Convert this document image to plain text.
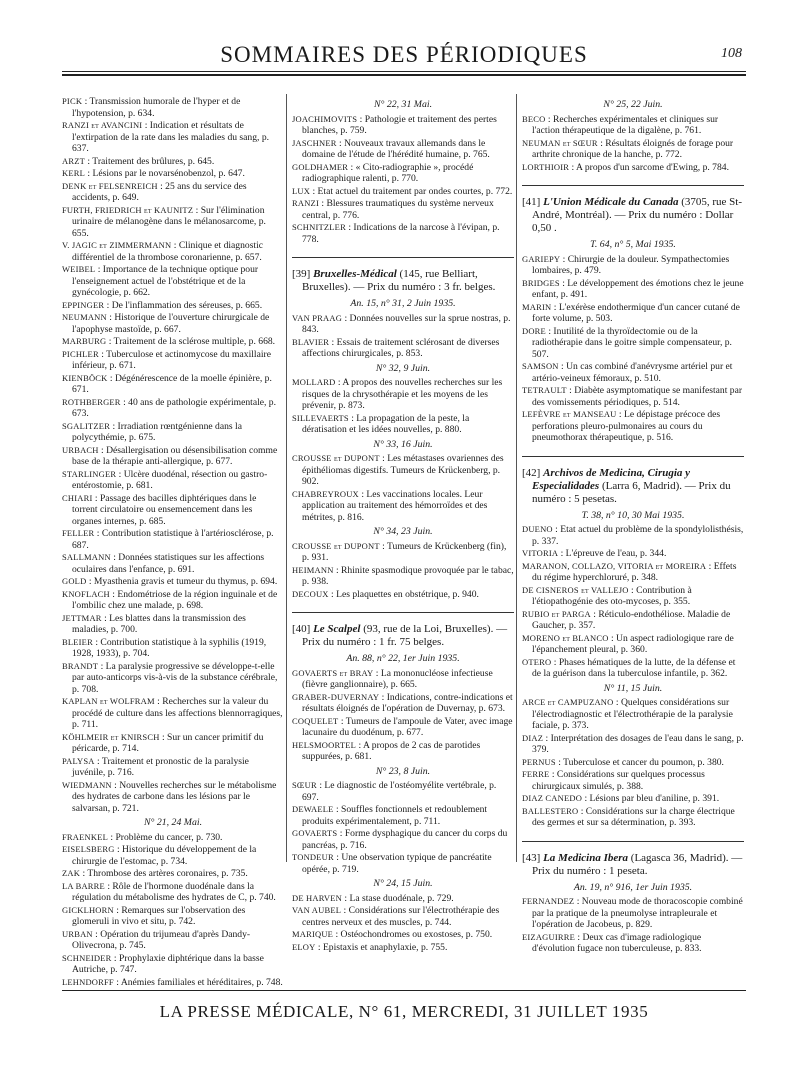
SOMMAIRES DES PÉRIODIQUES	108
PICK : Transmission humorale de l'hyper et de l'hypotension, p. 634.
RANZI et AVANCINI : Indication et résultats de l'extirpation de la rate dans les maladies du sang, p. 637.
ARZT : Traitement des brûlures, p. 645.
KERL : Lésions par le novarsénobenzol, p. 647.
DENK et FELSENREICH : 25 ans du service des accidents, p. 649.
FURTH, FRIEDRICH et KAUNITZ : Sur l'élimination urinaire de mélanogène dans le mélanosarcome, p. 655.
V. JAGIC et ZIMMERMANN : Clinique et diagnostic différentiel de la thrombose coronarienne, p. 657.
WEIBEL : Importance de la technique optique pour l'enseignement actuel de l'obstétrique et de la gynécologie, p. 662.
EPPINGER : De l'inflammation des séreuses, p. 665.
NEUMANN : Historique de l'ouverture chirurgicale de l'apophyse mastoïde, p. 667.
MARBURG : Traitement de la sclérose multiple, p. 668.
PICHLER : Tuberculose et actinomycose du maxillaire inférieur, p. 671.
KIENBÖCK : Dégénérescence de la moelle épinière, p. 671.
ROTHBERGER : 40 ans de pathologie expérimentale, p. 673.
SGALITZER : Irradiation rœntgénienne dans la polycythémie, p. 675.
URBACH : Désallergisation ou désensibilisation comme base de la thérapie anti-allergique, p. 677.
STARLINGER : Ulcère duodénal, résection ou gastro-entérostomie, p. 681.
CHIARI : Passage des bacilles diphtériques dans le torrent circulatoire ou ensemencement dans les organes internes, p. 685.
FELLER : Contribution statistique à l'artériosclérose, p. 687.
SALLMANN : Données statistiques sur les affections oculaires dans l'enfance, p. 691.
GOLD : Myasthenia gravis et tumeur du thymus, p. 694.
KNOFLACH : Endométriose de la région inguinale et de l'ombilic chez une malade, p. 698.
JETTMAR : Les blattes dans la transmission des maladies, p. 700.
BLEIER : Contribution statistique à la syphilis (1919, 1928, 1933), p. 704.
BRANDT : La paralysie progressive se développe-t-elle par auto-anticorps vis-à-vis de la substance cérébrale, p. 708.
KAPLAN et WOLFRAM : Recherches sur la valeur du procédé de culture dans les affections blennorragiques, p. 711.
KÖHLMEIR et KNIRSCH : Sur un cancer primitif du péricarde, p. 714.
PALYSA : Traitement et pronostic de la paralysie juvénile, p. 716.
WIEDMANN : Nouvelles recherches sur le métabolisme des hydrates de carbone dans les lésions par le salvarsan, p. 721.
N° 21, 24 Mai.
FRAENKEL : Problème du cancer, p. 730.
EISELSBERG : Historique du développement de la chirurgie de l'estomac, p. 734.
ZAK : Thrombose des artères coronaires, p. 735.
LA BARRE : Rôle de l'hormone duodénale dans la régulation du métabolisme des hydrates de C, p. 740.
GICKLHORN : Remarques sur l'observation des glomeruli in vivo et situ, p. 742.
URBAN : Opération du trijumeau d'après Dandy-Olivecrona, p. 745.
SCHNEIDER : Prophylaxie diphtérique dans la basse Autriche, p. 747.
LEHNDORFF : Anémies familiales et héréditaires, p. 748.
N° 22, 31 Mai.
JOACHIMOVITS : Pathologie et traitement des pertes blanches, p. 759.
JASCHNER : Nouveaux travaux allemands dans le domaine de l'étude de l'hérédité humaine, p. 765.
GOLDHAMER : « Cito-radiographie », procédé radiographique ralenti, p. 770.
LUX : Etat actuel du traitement par ondes courtes, p. 772.
RANZI : Blessures traumatiques du système nerveux central, p. 776.
SCHNITZLER : Indications de la narcose à l'évipan, p. 778.
[39] Bruxelles-Médical (145, rue Belliart, Bruxelles). — Prix du numéro : 3 fr. belges.
An. 15, n° 31, 2 Juin 1935.
VAN PRAAG : Données nouvelles sur la sprue nostras, p. 843.
BLAVIER : Essais de traitement sclérosant de diverses affections chirurgicales, p. 853.
N° 32, 9 Juin.
MOLLARD : A propos des nouvelles recherches sur les risques de la chrysothérapie et les moyens de les prévenir, p. 873.
SILLEVAERTS : La propagation de la peste, la dératisation et les idées nouvelles, p. 880.
N° 33, 16 Juin.
CROUSSE et DUPONT : Les métastases ovariennes des épithéliomas digestifs. Tumeurs de Krückenberg, p. 902.
CHABREYROUX : Les vaccinations locales. Leur application au traitement des hémorroïdes et des métrites, p. 816.
N° 34, 23 Juin.
CROUSSE et DUPONT : Tumeurs de Krückenberg (fin), p. 931.
HEIMANN : Rhinite spasmodique provoquée par le tabac, p. 938.
DECOUX : Les plaquettes en obstétrique, p. 940.
[40] Le Scalpel (93, rue de la Loi, Bruxelles). — Prix du numéro : 1 fr. 75 belges.
An. 88, n° 22, 1er Juin 1935.
GOVAERTS et BRAY : La mononucléose infectieuse (fièvre ganglionnaire), p. 665.
GRABER-DUVERNAY : Indications, contre-indications et résultats éloignés de l'opération de Duvernay, p. 673.
COQUELET : Tumeurs de l'ampoule de Vater, avec image lacunaire du duodénum, p. 677.
HELSMOORTEL : A propos de 2 cas de parotides suppurées, p. 681.
N° 23, 8 Juin.
SŒUR : Le diagnostic de l'ostéomyélite vertébrale, p. 697.
DEWAELE : Souffles fonctionnels et redoublement produits expérimentalement, p. 711.
GOVAERTS : Forme dysphagique du cancer du corps du pancréas, p. 716.
TONDEUR : Une observation typique de pancréatite opérée, p. 719.
N° 24, 15 Juin.
DE HARVEN : La stase duodénale, p. 729.
VAN AUBEL : Considérations sur l'électrothérapie des centres nerveux et des muscles, p. 744.
MARIQUE : Ostéochondromes ou exostoses, p. 750.
ELOY : Epistaxis et anaphylaxie, p. 755.
N° 25, 22 Juin.
BECO : Recherches expérimentales et cliniques sur l'action thérapeutique de la digalène, p. 761.
NEUMAN et SŒUR : Résultats éloignés de forage pour arthrite chronique de la hanche, p. 772.
LORTHIOIR : A propos d'un sarcome d'Ewing, p. 784.
[41] L'Union Médicale du Canada (3705, rue St-André, Montréal). — Prix du numéro : Dollar 0,50 .
T. 64, n° 5, Mai 1935.
GARIEPY : Chirurgie de la douleur. Sympathectomies lombaires, p. 479.
BRIDGES : Le développement des émotions chez le jeune enfant, p. 491.
MARIN : L'exérèse endothermique d'un cancer cutané de forte volume, p. 503.
DORE : Inutilité de la thyroïdectomie ou de la radiothérapie dans le goitre simple compensateur, p. 507.
SAMSON : Un cas combiné d'anévrysme artériel pur et artério-veineux fémoraux, p. 510.
TETRAULT : Diabète asymptomatique se manifestant par des vomissements périodiques, p. 514.
LEFÈVRE et MANSEAU : Le dépistage précoce des perforations pleuro-pulmonaires au cours du pneumothorax thérapeutique, p. 516.
[42] Archivos de Medicina, Cirugia y Especialidades (Larra 6, Madrid). — Prix du numéro : 5 pesetas.
T. 38, n° 10, 30 Mai 1935.
DUENO : Etat actuel du problème de la spondylolisthésis, p. 337.
VITORIA : L'épreuve de l'eau, p. 344.
MARANON, COLLAZO, VITORIA et MOREIRA : Effets du régime hyperchloruré, p. 348.
DE CISNEROS et VALLEJO : Contribution à l'étiopathogénie des oto-mycoses, p. 355.
RUBIO et PARGA : Réticulo-endothéliose. Maladie de Gaucher, p. 357.
MORENO et BLANCO : Un aspect radiologique rare de l'épanchement pleural, p. 360.
OTERO : Phases hématiques de la lutte, de la défense et de la guérison dans la tuberculose infantile, p. 362.
N° 11, 15 Juin.
ARCE et CAMPUZANO : Quelques considérations sur l'électrodiagnostic et l'électrothérapie de la paralysie faciale, p. 373.
DIAZ : Interprétation des dosages de l'eau dans le sang, p. 379.
PERNUS : Tuberculose et cancer du poumon, p. 380.
FERRE : Considérations sur quelques processus chirurgicaux simulés, p. 388.
DIAZ CANEDO : Lésions par bleu d'aniline, p. 391.
BALLESTERO : Considérations sur la charge électrique des germes et sur sa détermination, p. 393.
[43] La Medicina Ibera (Lagasca 36, Madrid). — Prix du numéro : 1 peseta.
An. 19, n° 916, 1er Juin 1935.
FERNANDEZ : Nouveau mode de thoracoscopie combiné par la pratique de la pneumolyse intrapleurale et l'opération de Jacobeus, p. 829.
EIZAGUIRRE : Deux cas d'image radiologique d'évolution fugace non tuberculeuse, p. 833.
LA PRESSE MÉDICALE, N° 61, MERCREDI, 31 JUILLET 1935
